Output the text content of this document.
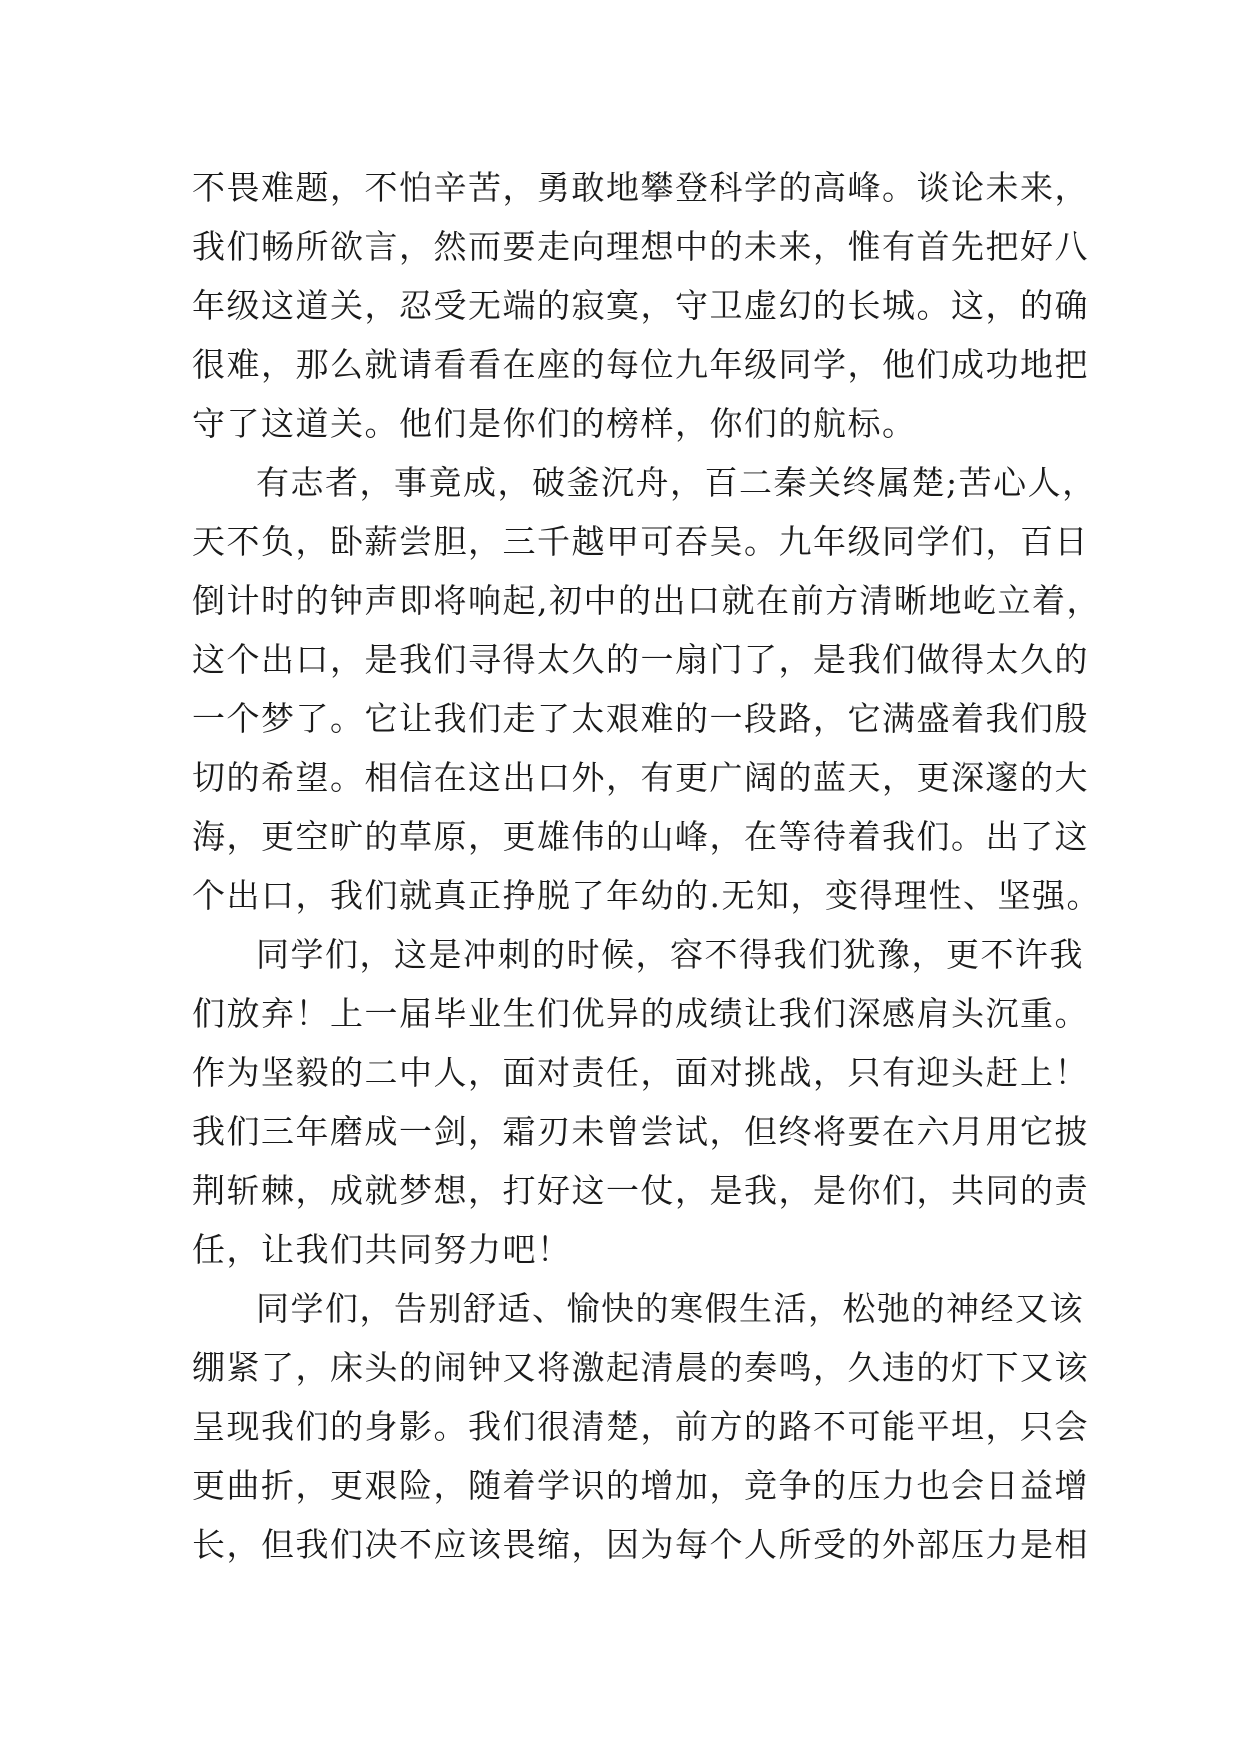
不畏难题，不怕辛苦，勇敢地攀登科学的高峰。谈论未来，
我们畅所欲言，然而要走向理想中的未来，惟有首先把好八
年级这道关，忍受无端的寂寞，守卫虚幻的长城。这，的确
很难，那么就请看看在座的每位九年级同学，他们成功地把
守了这道关。他们是你们的榜样，你们的航标。
有志者，事竟成，破釜沉舟，百二秦关终属楚;苦心人，
天不负，卧薪尝胆，三千越甲可吞吴。九年级同学们，百日
倒计时的钟声即将响起,初中的出口就在前方清晰地屹立着，
这个出口，是我们寻得太久的一扇门了，是我们做得太久的
一个梦了。它让我们走了太艰难的一段路，它满盛着我们殷
切的希望。相信在这出口外，有更广阔的蓝天，更深邃的大
海，更空旷的草原，更雄伟的山峰，在等待着我们。出了这
个出口，我们就真正挣脱了年幼的.无知，变得理性、坚强。
同学们，这是冲刺的时候，容不得我们犹豫，更不许我
们放弃！上一届毕业生们优异的成绩让我们深感肩头沉重。
作为坚毅的二中人，面对责任，面对挑战，只有迎头赶上！
我们三年磨成一剑，霜刃未曾尝试，但终将要在六月用它披
荆斩棘，成就梦想，打好这一仗，是我，是你们，共同的责
任，让我们共同努力吧！
同学们，告别舒适、愉快的寒假生活，松弛的神经又该
绷紧了，床头的闹钟又将激起清晨的奏鸣，久违的灯下又该
呈现我们的身影。我们很清楚，前方的路不可能平坦，只会
更曲折，更艰险，随着学识的增加，竞争的压力也会日益增
长，但我们决不应该畏缩，因为每个人所受的外部压力是相
